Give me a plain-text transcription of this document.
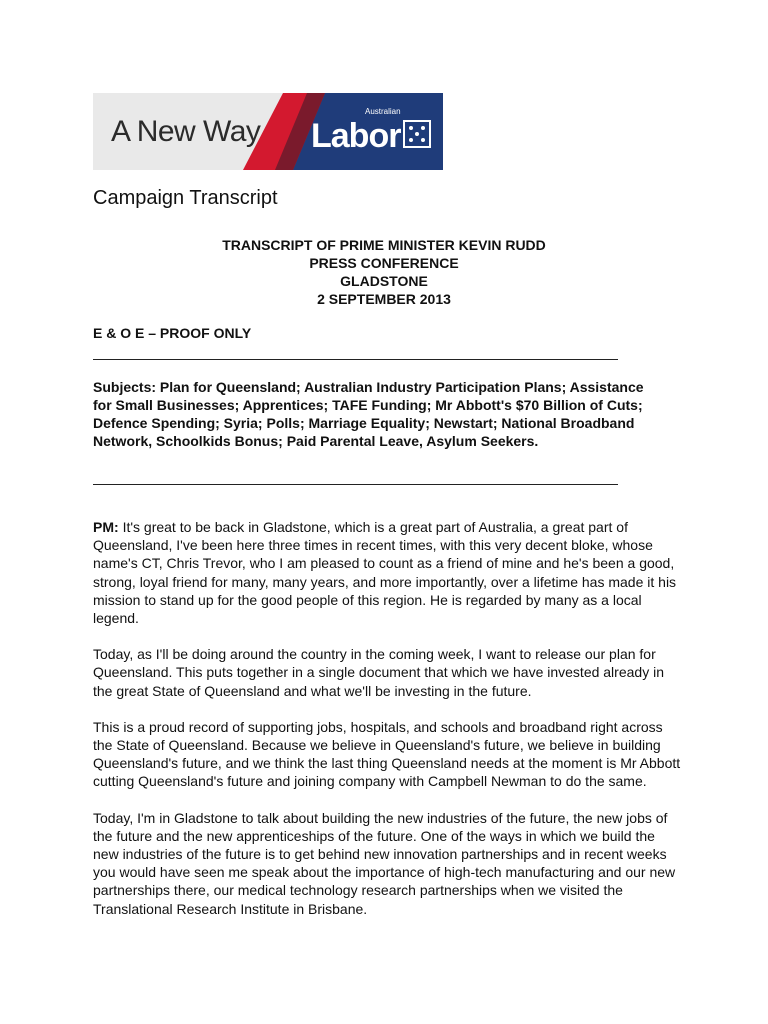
A New Way
Australian
Labor
Campaign Transcript
TRANSCRIPT OF PRIME MINISTER KEVIN RUDD
PRESS CONFERENCE
GLADSTONE
2 SEPTEMBER 2013
E & O E – PROOF ONLY
Subjects: Plan for Queensland; Australian Industry Participation Plans; Assistance for Small Businesses; Apprentices; TAFE Funding; Mr Abbott's $70 Billion of Cuts; Defence Spending; Syria; Polls; Marriage Equality; Newstart; National Broadband Network, Schoolkids Bonus; Paid Parental Leave, Asylum Seekers.

PM: It's great to be back in Gladstone, which is a great part of Australia, a great part of Queensland, I've been here three times in recent times, with this very decent bloke, whose name's CT, Chris Trevor, who I am pleased to count as a friend of mine and he's been a good, strong, loyal friend for many, many years, and more importantly, over a lifetime has made it his mission to stand up for the good people of this region. He is regarded by many as a local legend.

Today, as I'll be doing around the country in the coming week, I want to release our plan for Queensland. This puts together in a single document that which we have invested already in the great State of Queensland and what we'll be investing in the future.

This is a proud record of supporting jobs, hospitals, and schools and broadband right across the State of Queensland. Because we believe in Queensland's future, we believe in building Queensland's future, and we think the last thing Queensland needs at the moment is Mr Abbott cutting Queensland's future and joining company with Campbell Newman to do the same.

Today, I'm in Gladstone to talk about building the new industries of the future, the new jobs of the future and the new apprenticeships of the future. One of the ways in which we build the new industries of the future is to get behind new innovation partnerships and in recent weeks you would have seen me speak about the importance of high-tech manufacturing and our new partnerships there, our medical technology research partnerships when we visited the Translational Research Institute in Brisbane.
